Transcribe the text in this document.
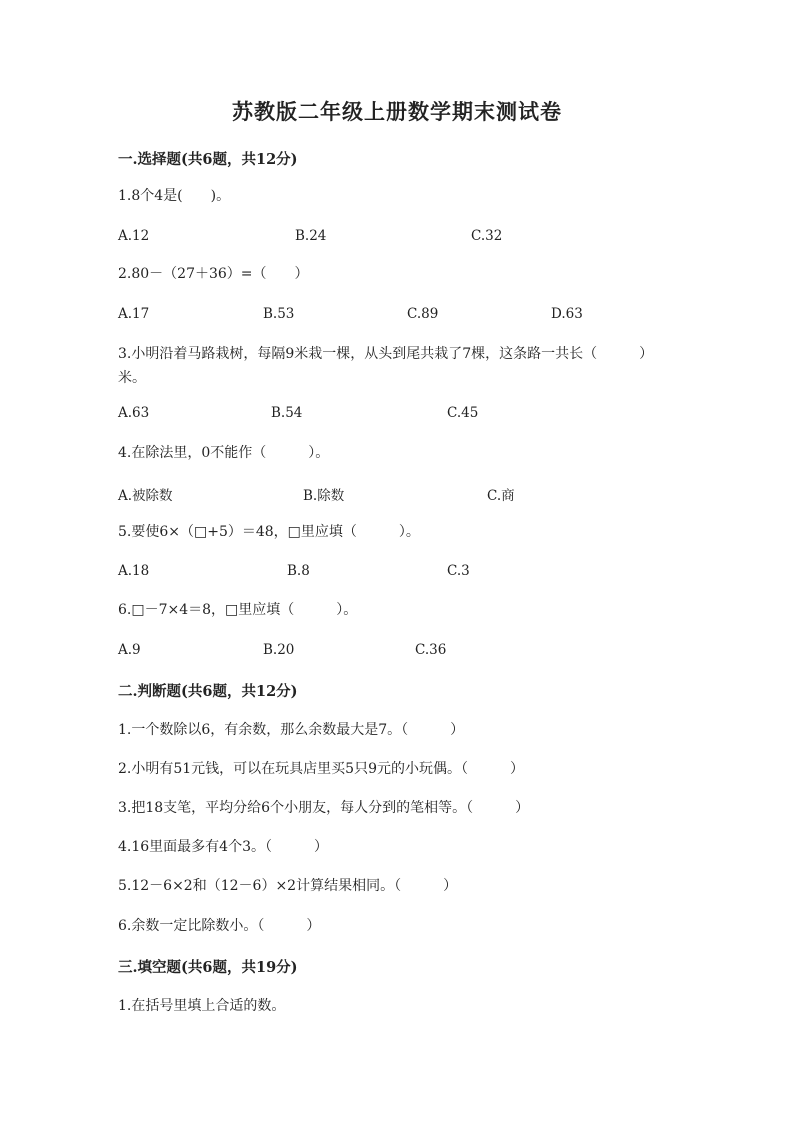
苏教版二年级上册数学期末测试卷
一.选择题(共6题，共12分)
1.8个4是(　　)。
A.12	B.24	C.32
2.80－（27＋36）=（　　）
A.17	B.53	C.89	D.63
3.小明沿着马路栽树，每隔9米栽一棵，从头到尾共栽了7棵，这条路一共长（　　　）米。
A.63	B.54	C.45
4.在除法里，0不能作（　　　）。
A.被除数	B.除数	C.商
5.要使6×（□+5）＝48，□里应填（　　　）。
A.18	B.8	C.3
6.□－7×4＝8，□里应填（　　　）。
A.9	B.20	C.36
二.判断题(共6题，共12分)
1.一个数除以6，有余数，那么余数最大是7。（　　　）
2.小明有51元钱，可以在玩具店里买5只9元的小玩偶。（　　　）
3.把18支笔，平均分给6个小朋友，每人分到的笔相等。（　　　）
4.16里面最多有4个3。（　　　）
5.12－6×2和（12－6）×2计算结果相同。（　　　）
6.余数一定比除数小。（　　　）
三.填空题(共6题，共19分)
1.在括号里填上合适的数。
